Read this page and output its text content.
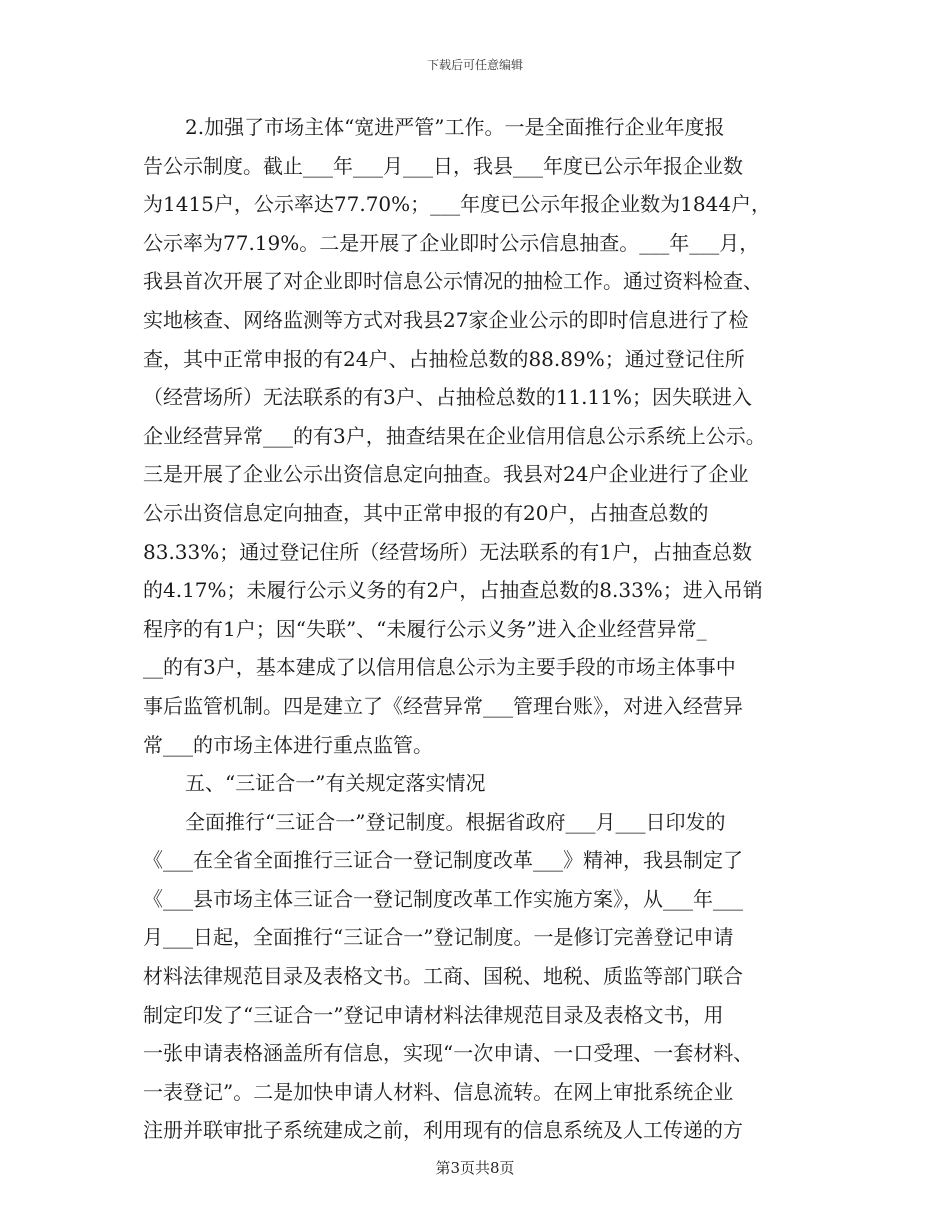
下载后可任意编辑
2.加强了市场主体“宽进严管”工作。一是全面推行企业年度报
告公示制度。截止___年___月___日，我县___年度已公示年报企业数
为1415户，公示率达77.70%；___年度已公示年报企业数为1844户，
公示率为77.19%。二是开展了企业即时公示信息抽查。___年___月，
我县首次开展了对企业即时信息公示情况的抽检工作。通过资料检查、
实地核查、网络监测等方式对我县27家企业公示的即时信息进行了检
查，其中正常申报的有24户、占抽检总数的88.89%；通过登记住所
（经营场所）无法联系的有3户、占抽检总数的11.11%；因失联进入
企业经营异常___的有3户，抽查结果在企业信用信息公示系统上公示。
三是开展了企业公示出资信息定向抽查。我县对24户企业进行了企业
公示出资信息定向抽查，其中正常申报的有20户，占抽查总数的
83.33%；通过登记住所（经营场所）无法联系的有1户，占抽查总数
的4.17%；未履行公示义务的有2户，占抽查总数的8.33%；进入吊销
程序的有1户；因“失联”、“未履行公示义务”进入企业经营异常_
__的有3户，基本建成了以信用信息公示为主要手段的市场主体事中
事后监管机制。四是建立了《经营异常___管理台账》，对进入经营异
常___的市场主体进行重点监管。
五、“三证合一”有关规定落实情况
全面推行“三证合一”登记制度。根据省政府___月___日印发的
《___在全省全面推行三证合一登记制度改革___》精神，我县制定了
《___县市场主体三证合一登记制度改革工作实施方案》，从___年___
月___日起，全面推行“三证合一”登记制度。一是修订完善登记申请
材料法律规范目录及表格文书。工商、国税、地税、质监等部门联合
制定印发了“三证合一”登记申请材料法律规范目录及表格文书，用
一张申请表格涵盖所有信息，实现“一次申请、一口受理、一套材料、
一表登记”。二是加快申请人材料、信息流转。在网上审批系统企业
注册并联审批子系统建成之前，利用现有的信息系统及人工传递的方
第3页共8页
